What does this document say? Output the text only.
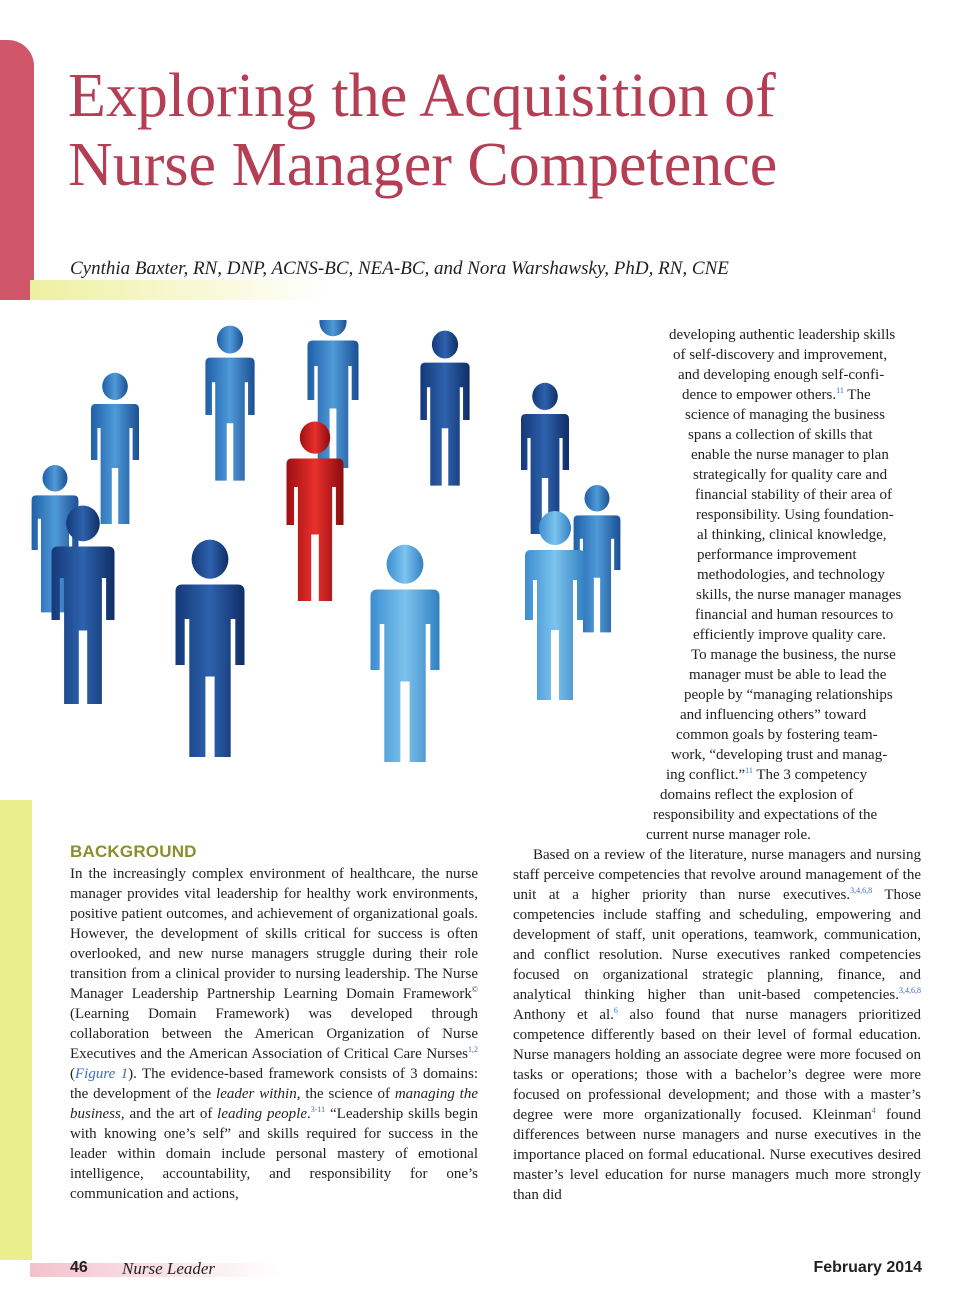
Exploring the Acquisition of
Nurse Manager Competence
Cynthia Baxter, RN, DNP, ACNS-BC, NEA-BC, and Nora Warshawsky, PhD, RN, CNE
developing authentic leadership skills
of self-discovery and improvement,
and developing enough self-confi-
dence to empower others.$^{11}$ The
science of managing the business
spans a collection of skills that
enable the nurse manager to plan
strategically for quality care and
financial stability of their area of
responsibility. Using foundation-
al thinking, clinical knowledge,
performance improvement
methodologies, and technology
skills, the nurse manager manages
financial and human resources to
efficiently improve quality care.
To manage the business, the nurse
manager must be able to lead the
people by “managing relationships
and influencing others” toward
common goals by fostering team-
work, “developing trust and manag-
ing conflict.”$^{11}$ The 3 competency
domains reflect the explosion of
responsibility and expectations of the
current nurse manager role.
BACKGROUND

In the increasingly complex environment of healthcare, the nurse manager provides vital leadership for healthy work environments, positive patient outcomes, and achievement of organizational goals. However, the development of skills critical for success is often overlooked, and new nurse managers struggle during their role transition from a clinical provider to nursing leadership. The Nurse Manager Leadership Partnership Learning Domain Framework© (Learning Domain Framework) was developed through collaboration between the American Organization of Nurse Executives and the American Association of Critical Care Nurses$^{1,2}$ (Figure 1). The evidence-based framework consists of 3 domains: the development of the leader within, the science of managing the business, and the art of leading people.$^{3-11}$ “Leadership skills begin with knowing one’s self” and skills required for success in the leader within domain include personal mastery of emotional intelligence, accountability, and responsibility for one’s communication and actions,

Based on a review of the literature, nurse managers and nursing staff perceive competencies that revolve around management of the unit at a higher priority than nurse executives.$^{3,4,6,8}$ Those competencies include staffing and scheduling, empowering and development of staff, unit operations, teamwork, communication, and conflict resolution. Nurse executives ranked competencies focused on organizational strategic planning, finance, and analytical thinking higher than unit-based competencies.$^{3,4,6,8}$ Anthony et al.$^6$ also found that nurse managers prioritized competence differently based on their level of formal education. Nurse managers holding an associate degree were more focused on tasks or operations; those with a bachelor’s degree were more focused on professional development; and those with a master’s degree were more organizationally focused. Kleinman$^4$ found differences between nurse managers and nurse executives in the importance placed on formal educational. Nurse executives desired master’s level education for nurse managers much more strongly than did

46 Nurse Leader	February 2014
